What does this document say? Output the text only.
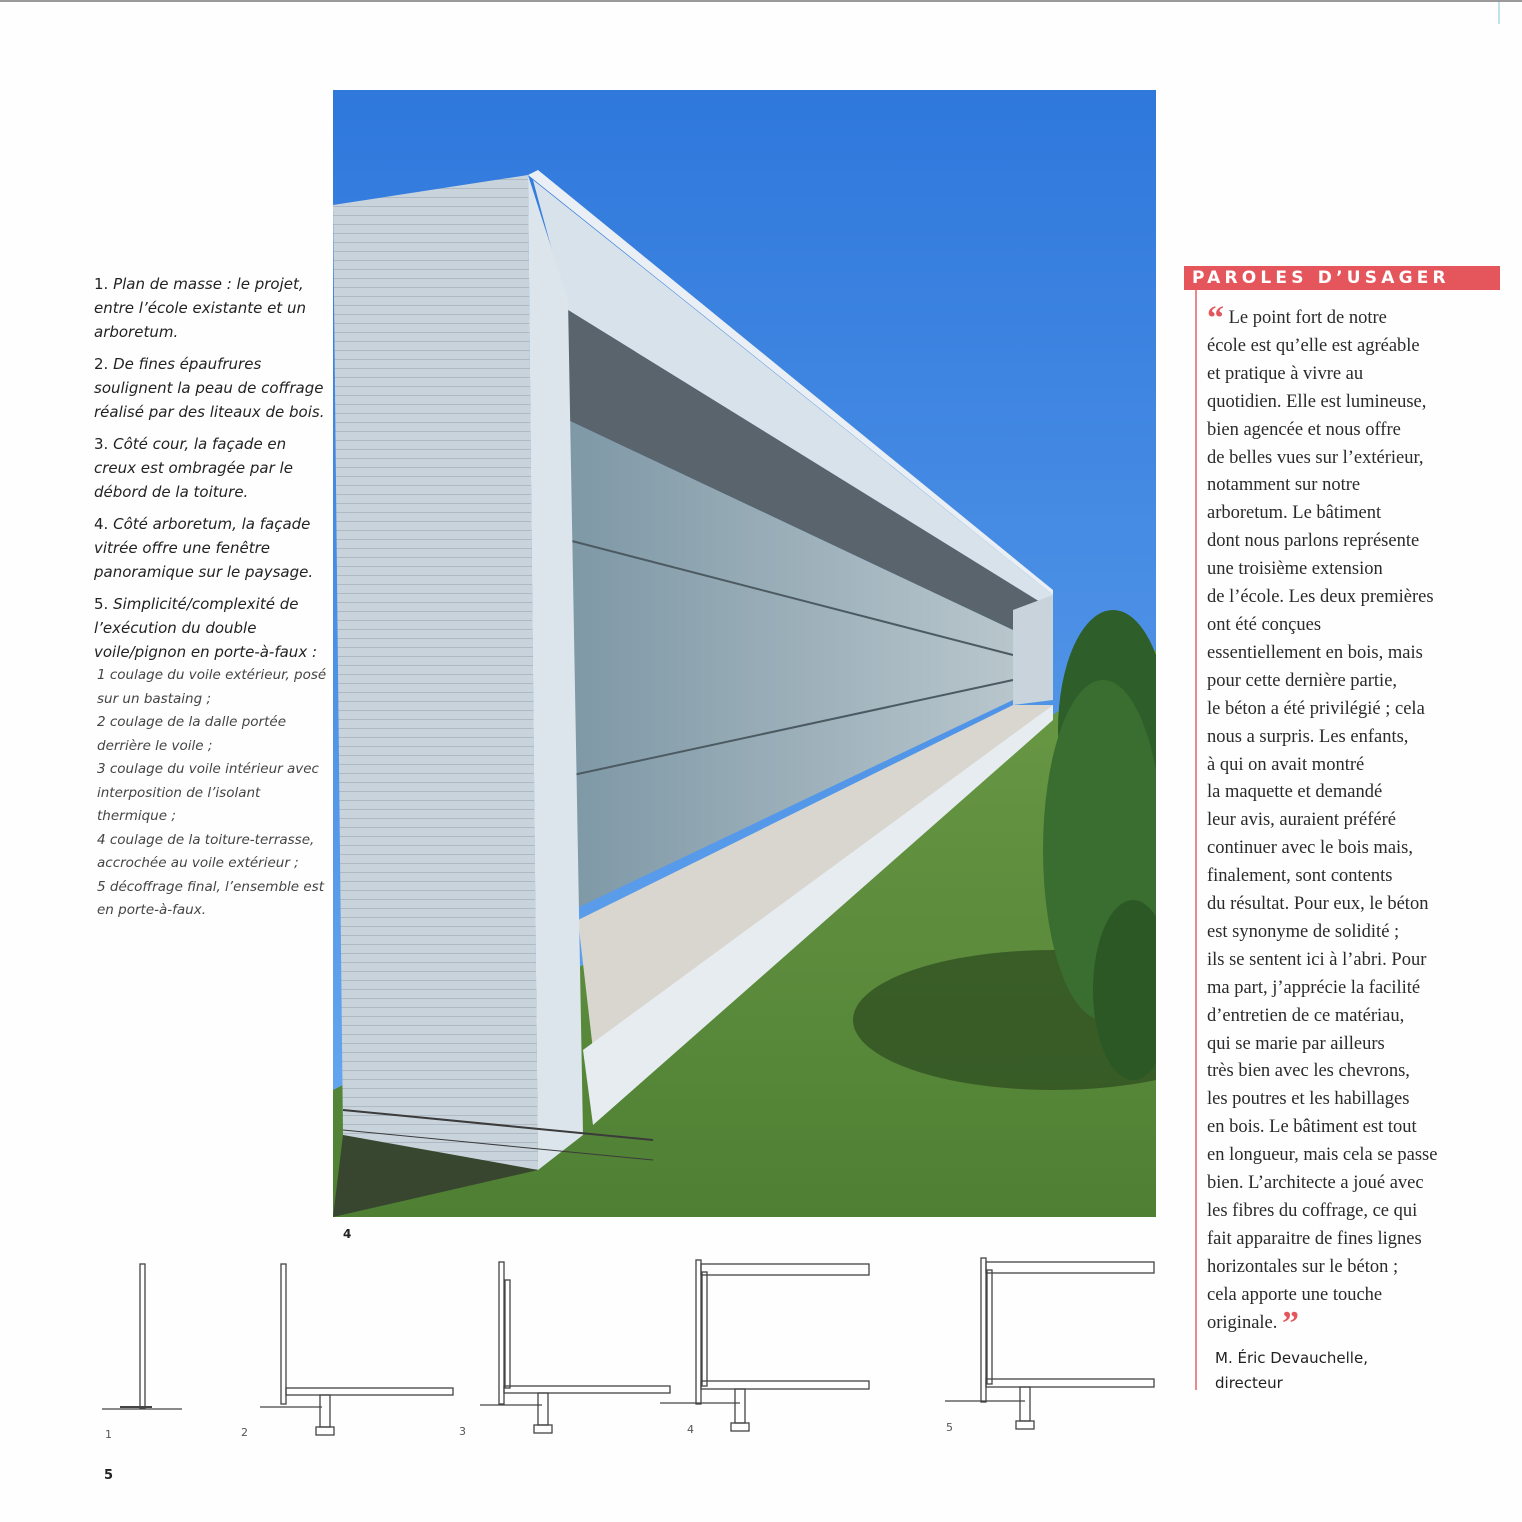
1. Plan de masse : le projet, entre l’école existante et un arboretum.

2. De fines épaufrures soulignent la peau de coffrage réalisé par des liteaux de bois.

3. Côté cour, la façade en creux est ombragée par le débord de la toiture.

4. Côté arboretum, la façade vitrée offre une fenêtre panoramique sur le paysage.

5. Simplicité/complexité de l’exécution du double voile/pignon en porte-à-faux :

1 coulage du voile extérieur, posé sur un bastaing ;
2 coulage de la dalle portée derrière le voile ;
3 coulage du voile intérieur avec interposition de l’isolant thermique ;
4 coulage de la toiture-terrasse, accrochée au voile extérieur ;
5 décoffrage final, l’ensemble est en porte-à-faux.
4
PAROLES D’USAGER
“ Le point fort de notre
école est qu’elle est agréable
et pratique à vivre au
quotidien. Elle est lumineuse,
bien agencée et nous offre
de belles vues sur l’extérieur,
notamment sur notre
arboretum. Le bâtiment
dont nous parlons représente
une troisième extension
de l’école. Les deux premières
ont été conçues
essentiellement en bois, mais
pour cette dernière partie,
le béton a été privilégié ; cela
nous a surpris. Les enfants,
à qui on avait montré
la maquette et demandé
leur avis, auraient préféré
continuer avec le bois mais,
finalement, sont contents
du résultat. Pour eux, le béton
est synonyme de solidité ;
ils se sentent ici à l’abri. Pour
ma part, j’apprécie la facilité
d’entretien de ce matériau,
qui se marie par ailleurs
très bien avec les chevrons,
les poutres et les habillages
en bois. Le bâtiment est tout
en longueur, mais cela se passe
bien. L’architecte a joué avec
les fibres du coffrage, ce qui
fait apparaitre de fines lignes
horizontales sur le béton ;
cela apporte une touche
originale. ”
M. Éric Devauchelle,
directeur
1	2	3	4	5
5
